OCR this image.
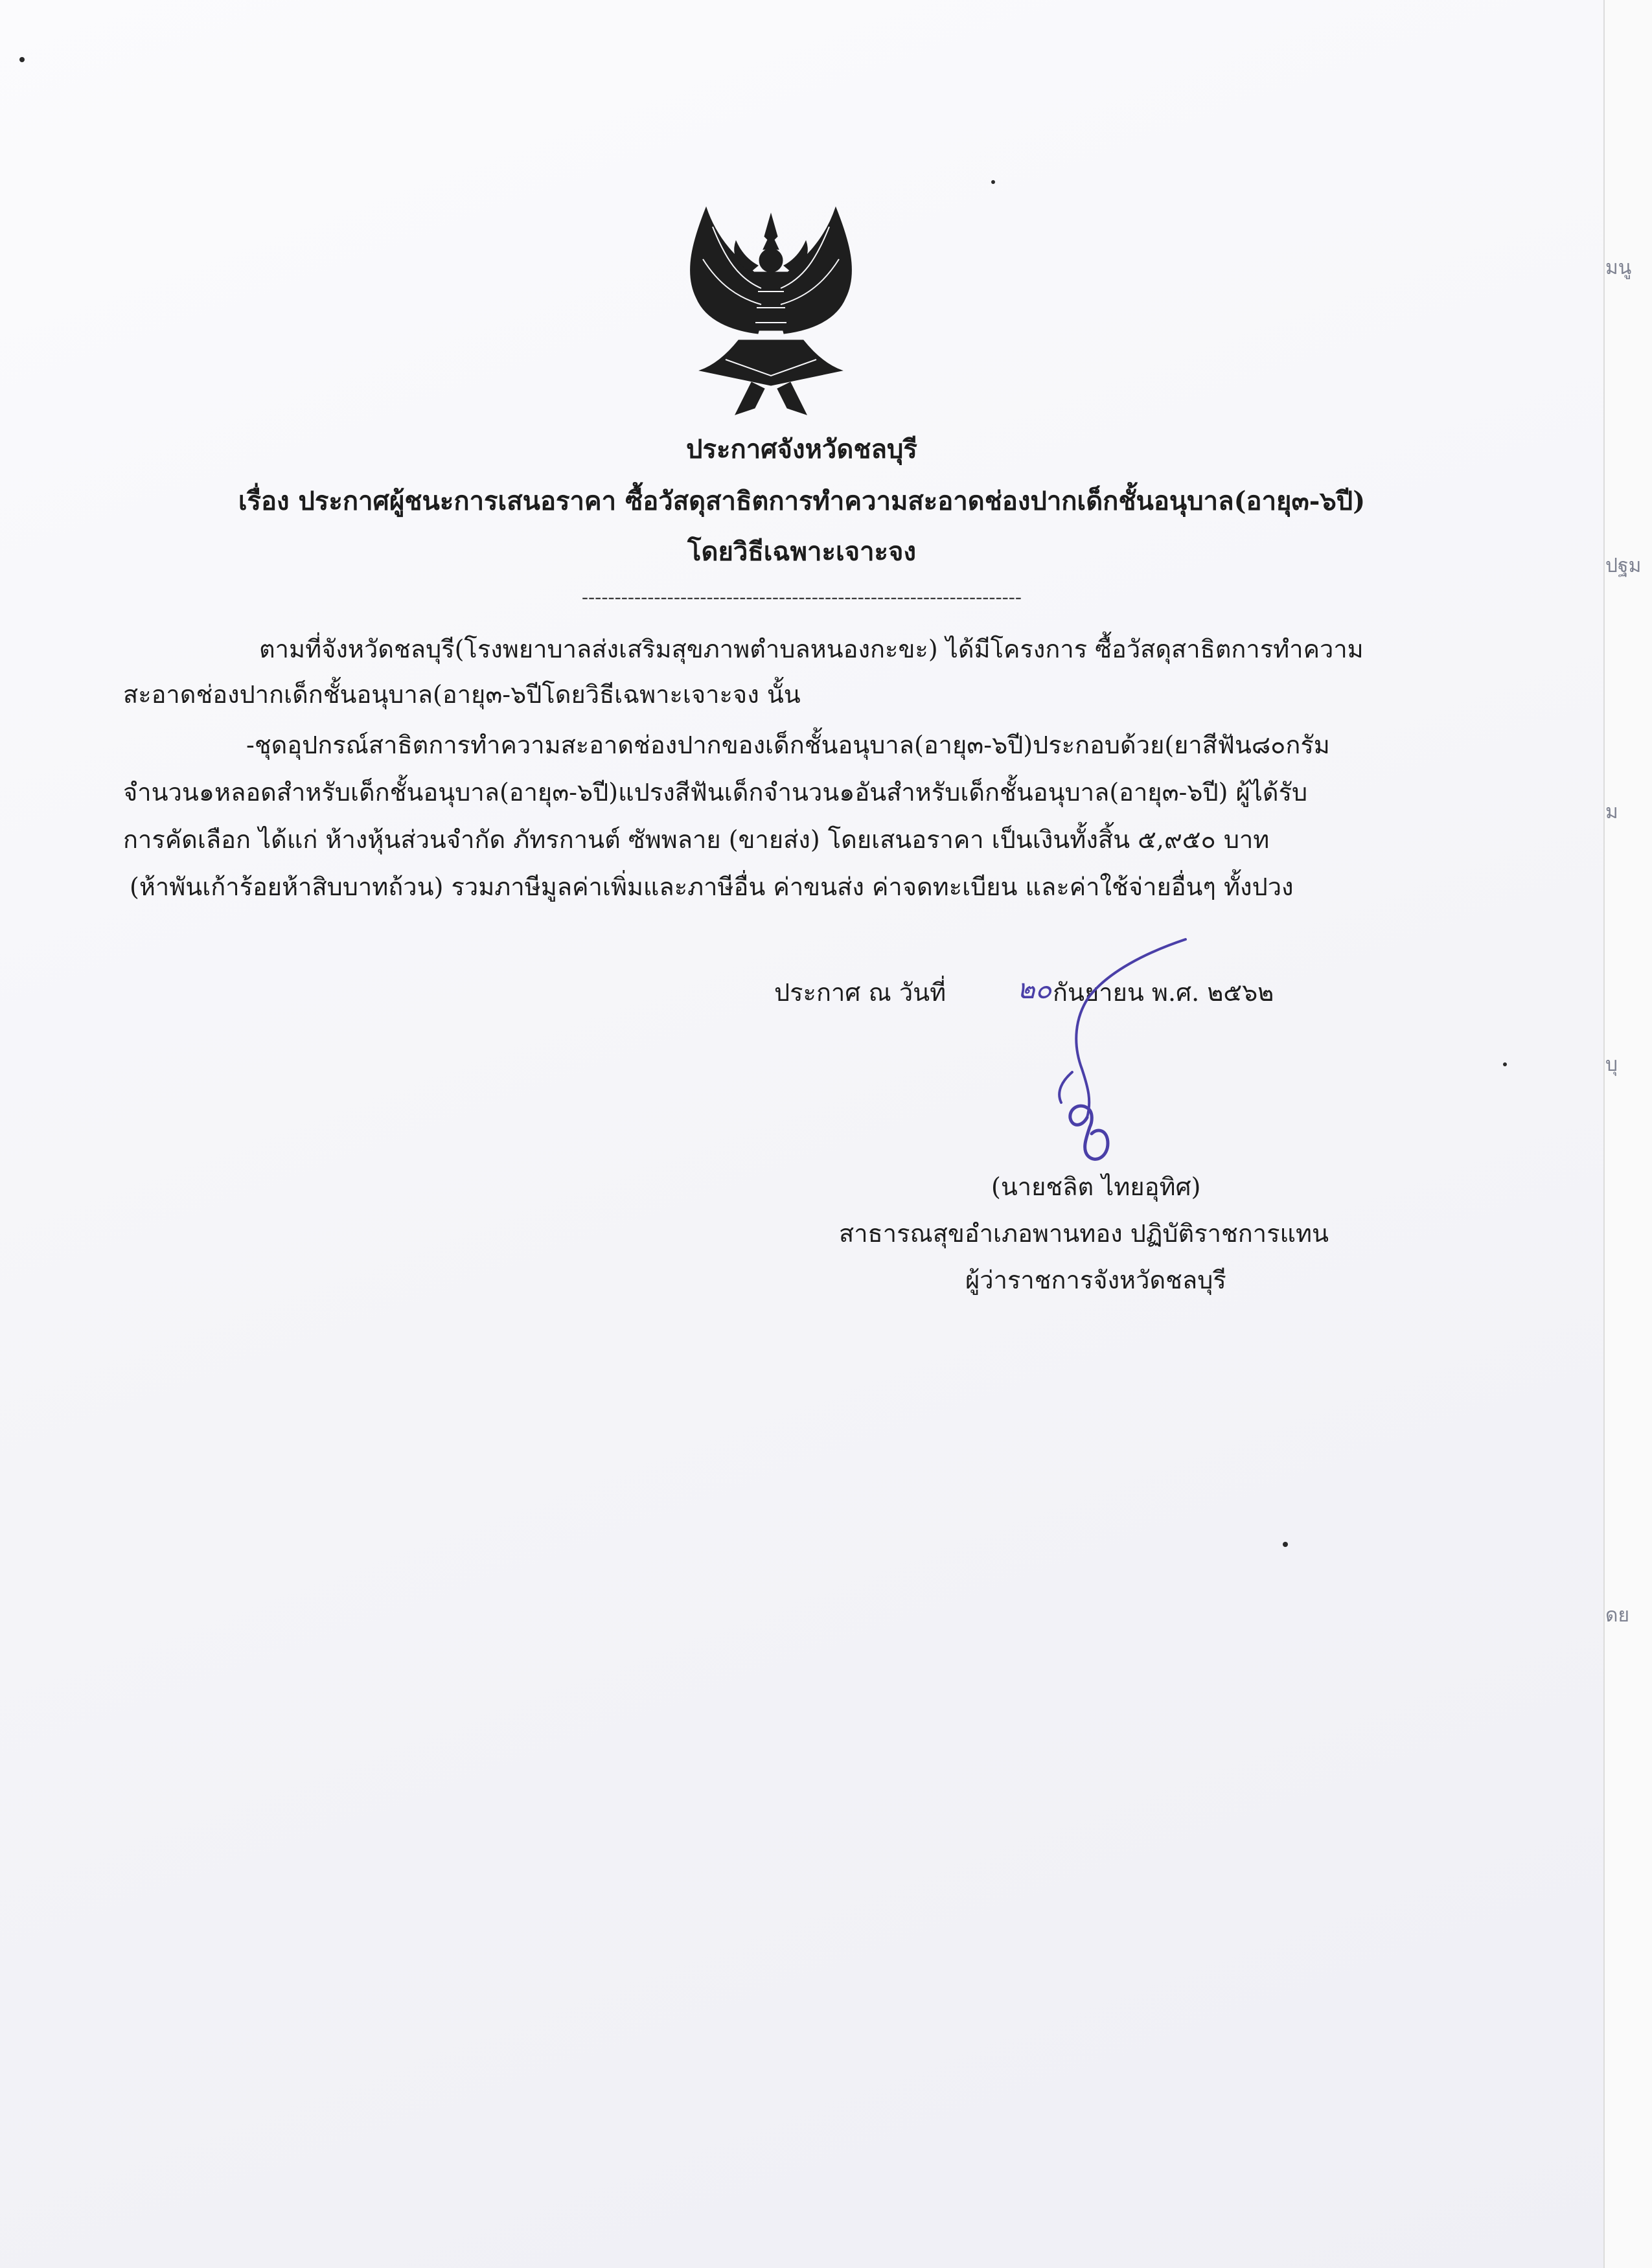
มนู
ปฐม
ม
บุ
ดย
ประกาศจังหวัดชลบุรี
เรื่อง ประกาศผู้ชนะการเสนอราคา ซื้อวัสดุสาธิตการทำความสะอาดช่องปากเด็กชั้นอนุบาล(อายุ๓-๖ปี)
โดยวิธีเฉพาะเจาะจง
-------------------------------------------------------------------
ตามที่จังหวัดชลบุรี(โรงพยาบาลส่งเสริมสุขภาพตำบลหนองกะขะ) ได้มีโครงการ ซื้อวัสดุสาธิตการทำความ
สะอาดช่องปากเด็กชั้นอนุบาล(อายุ๓-๖ปีโดยวิธีเฉพาะเจาะจง นั้น
-ชุดอุปกรณ์สาธิตการทำความสะอาดช่องปากของเด็กชั้นอนุบาล(อายุ๓-๖ปี)ประกอบด้วย(ยาสีฟัน๘๐กรัม
จำนวน๑หลอดสำหรับเด็กชั้นอนุบาล(อายุ๓-๖ปี)แปรงสีฟันเด็กจำนวน๑อันสำหรับเด็กชั้นอนุบาล(อายุ๓-๖ปี) ผู้ได้รับ
การคัดเลือก ได้แก่ ห้างหุ้นส่วนจำกัด ภัทรกานต์ ซัพพลาย (ขายส่ง) โดยเสนอราคา เป็นเงินทั้งสิ้น ๕,๙๕๐ บาท
(ห้าพันเก้าร้อยห้าสิบบาทถ้วน) รวมภาษีมูลค่าเพิ่มและภาษีอื่น ค่าขนส่ง ค่าจดทะเบียน และค่าใช้จ่ายอื่นๆ ทั้งปวง
ประกาศ ณ วันที่	๒๐ กันยายน พ.ศ. ๒๕๖๒
(นายชลิต ไทยอุทิศ)
สาธารณสุขอำเภอพานทอง ปฏิบัติราชการแทน
ผู้ว่าราชการจังหวัดชลบุรี
